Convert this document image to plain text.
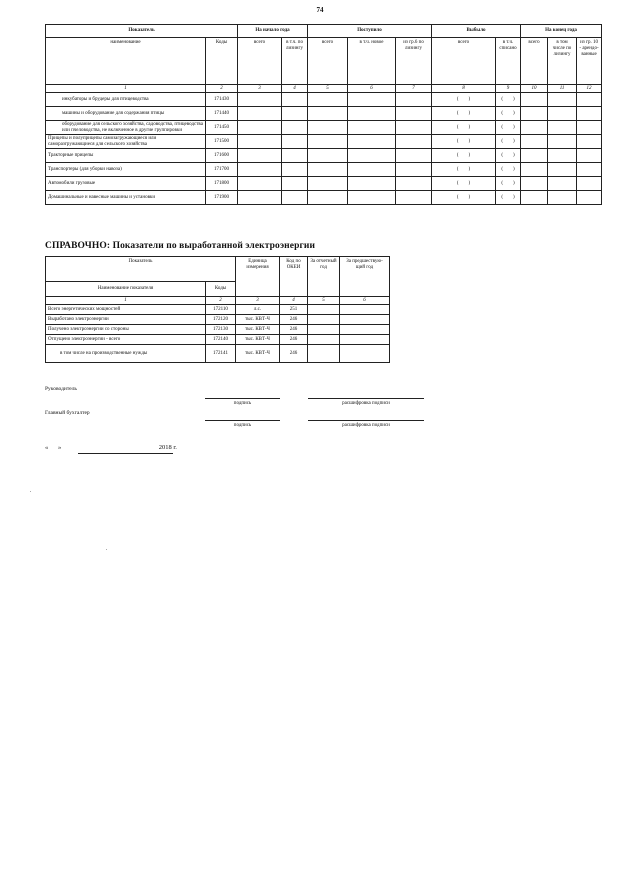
74
Показатель		На начало года		Поступило			Выбыло		На конец года		
наименование	Коды	всего	в т.ч. по лизингу	всего	в т.ч. новое	из гр.6 по лизингу	всего	в т.ч. списано	всего	в том числе по лизингу	из гр. 10 - арендо-ванные
1	2	3	4	5	6	7	8	9	10	11	12
инкубаторы и брудеры для птицеводства	171430						(        )	(        )			
машины и оборудование для содержания птицы	171440						(        )	(        )			
оборудование для сельского хозяйства, садоводства, птицеводства или пчеловодства, не включенное в другие группировки	171450						(        )	(        )			
Прицепы и полуприцепы самозагружающиеся или саморазгружающиеся для сельского хозяйства	171500						(        )	(        )			
Тракторные прицепы	171600						(        )	(        )			
Транспортеры (для уборки навоза)	171700						(        )	(        )			
Автомобили грузовые	171800						(        )	(        )			
Домашинальные и навесные машины и установки	171900						(        )	(        )			
СПРАВОЧНО: Показатели по выработанной электроэнергии
Показатель		Единица измерения	Код по ОКЕИ	За отчетный год	За предшествую-щий год
Наименование показателя	Коды				
1	2	3	4	5	6
Всего энергетических мощностей	172110	л.с.	251		
Выработано электроэнергии	172120	тыс. КВТ-Ч	246		
Получено электроэнергии со стороны	172130	тыс. КВТ-Ч	246		
Отпущено электроэнергии - всего	172140	тыс. КВТ-Ч	246		
в том числе на производственные нужды	172141	тыс. КВТ-Ч	246		
Руководитель
подпись	расшифровка подписи
Главный бухгалтер
подпись	расшифровка подписи
«      »                                                            2018 г.
